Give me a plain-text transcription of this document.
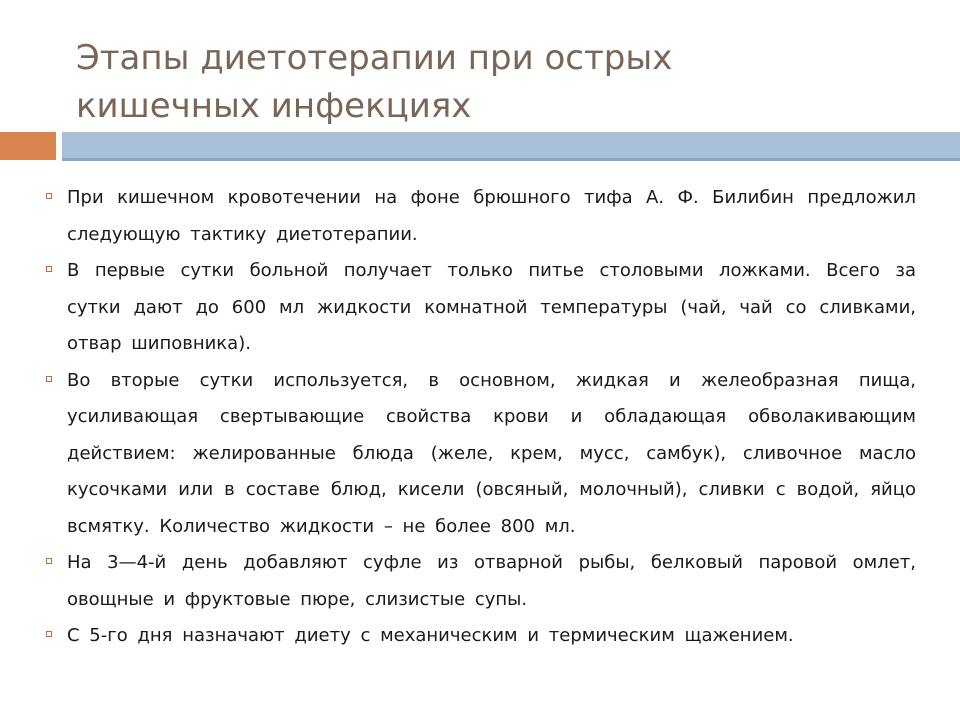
Этапы диетотерапии при острых
кишечных инфекциях
При кишечном кровотечении на фоне брюшного тифа А. Ф. Билибин предложил следующую тактику диетотерапии.
В первые сутки больной получает только питье столовыми ложками. Всего за сутки дают до 600 мл жидкости комнатной температуры (чай, чай со сливками, отвар шиповника).
Во вторые сутки используется, в основном, жидкая и желеобразная пища, усиливающая свертывающие свойства крови и обладающая обволакивающим действием: желированные блюда (желе, крем, мусс, самбук), сливочное масло кусочками или в составе блюд, кисели (овсяный, молочный), сливки с водой, яйцо всмятку. Количество жидкости – не более 800 мл.
На 3—4-й день добавляют суфле из отварной рыбы, белковый паровой омлет, овощные и фруктовые пюре, слизистые супы.
С 5-го дня назначают диету с механическим и термическим щажением.
